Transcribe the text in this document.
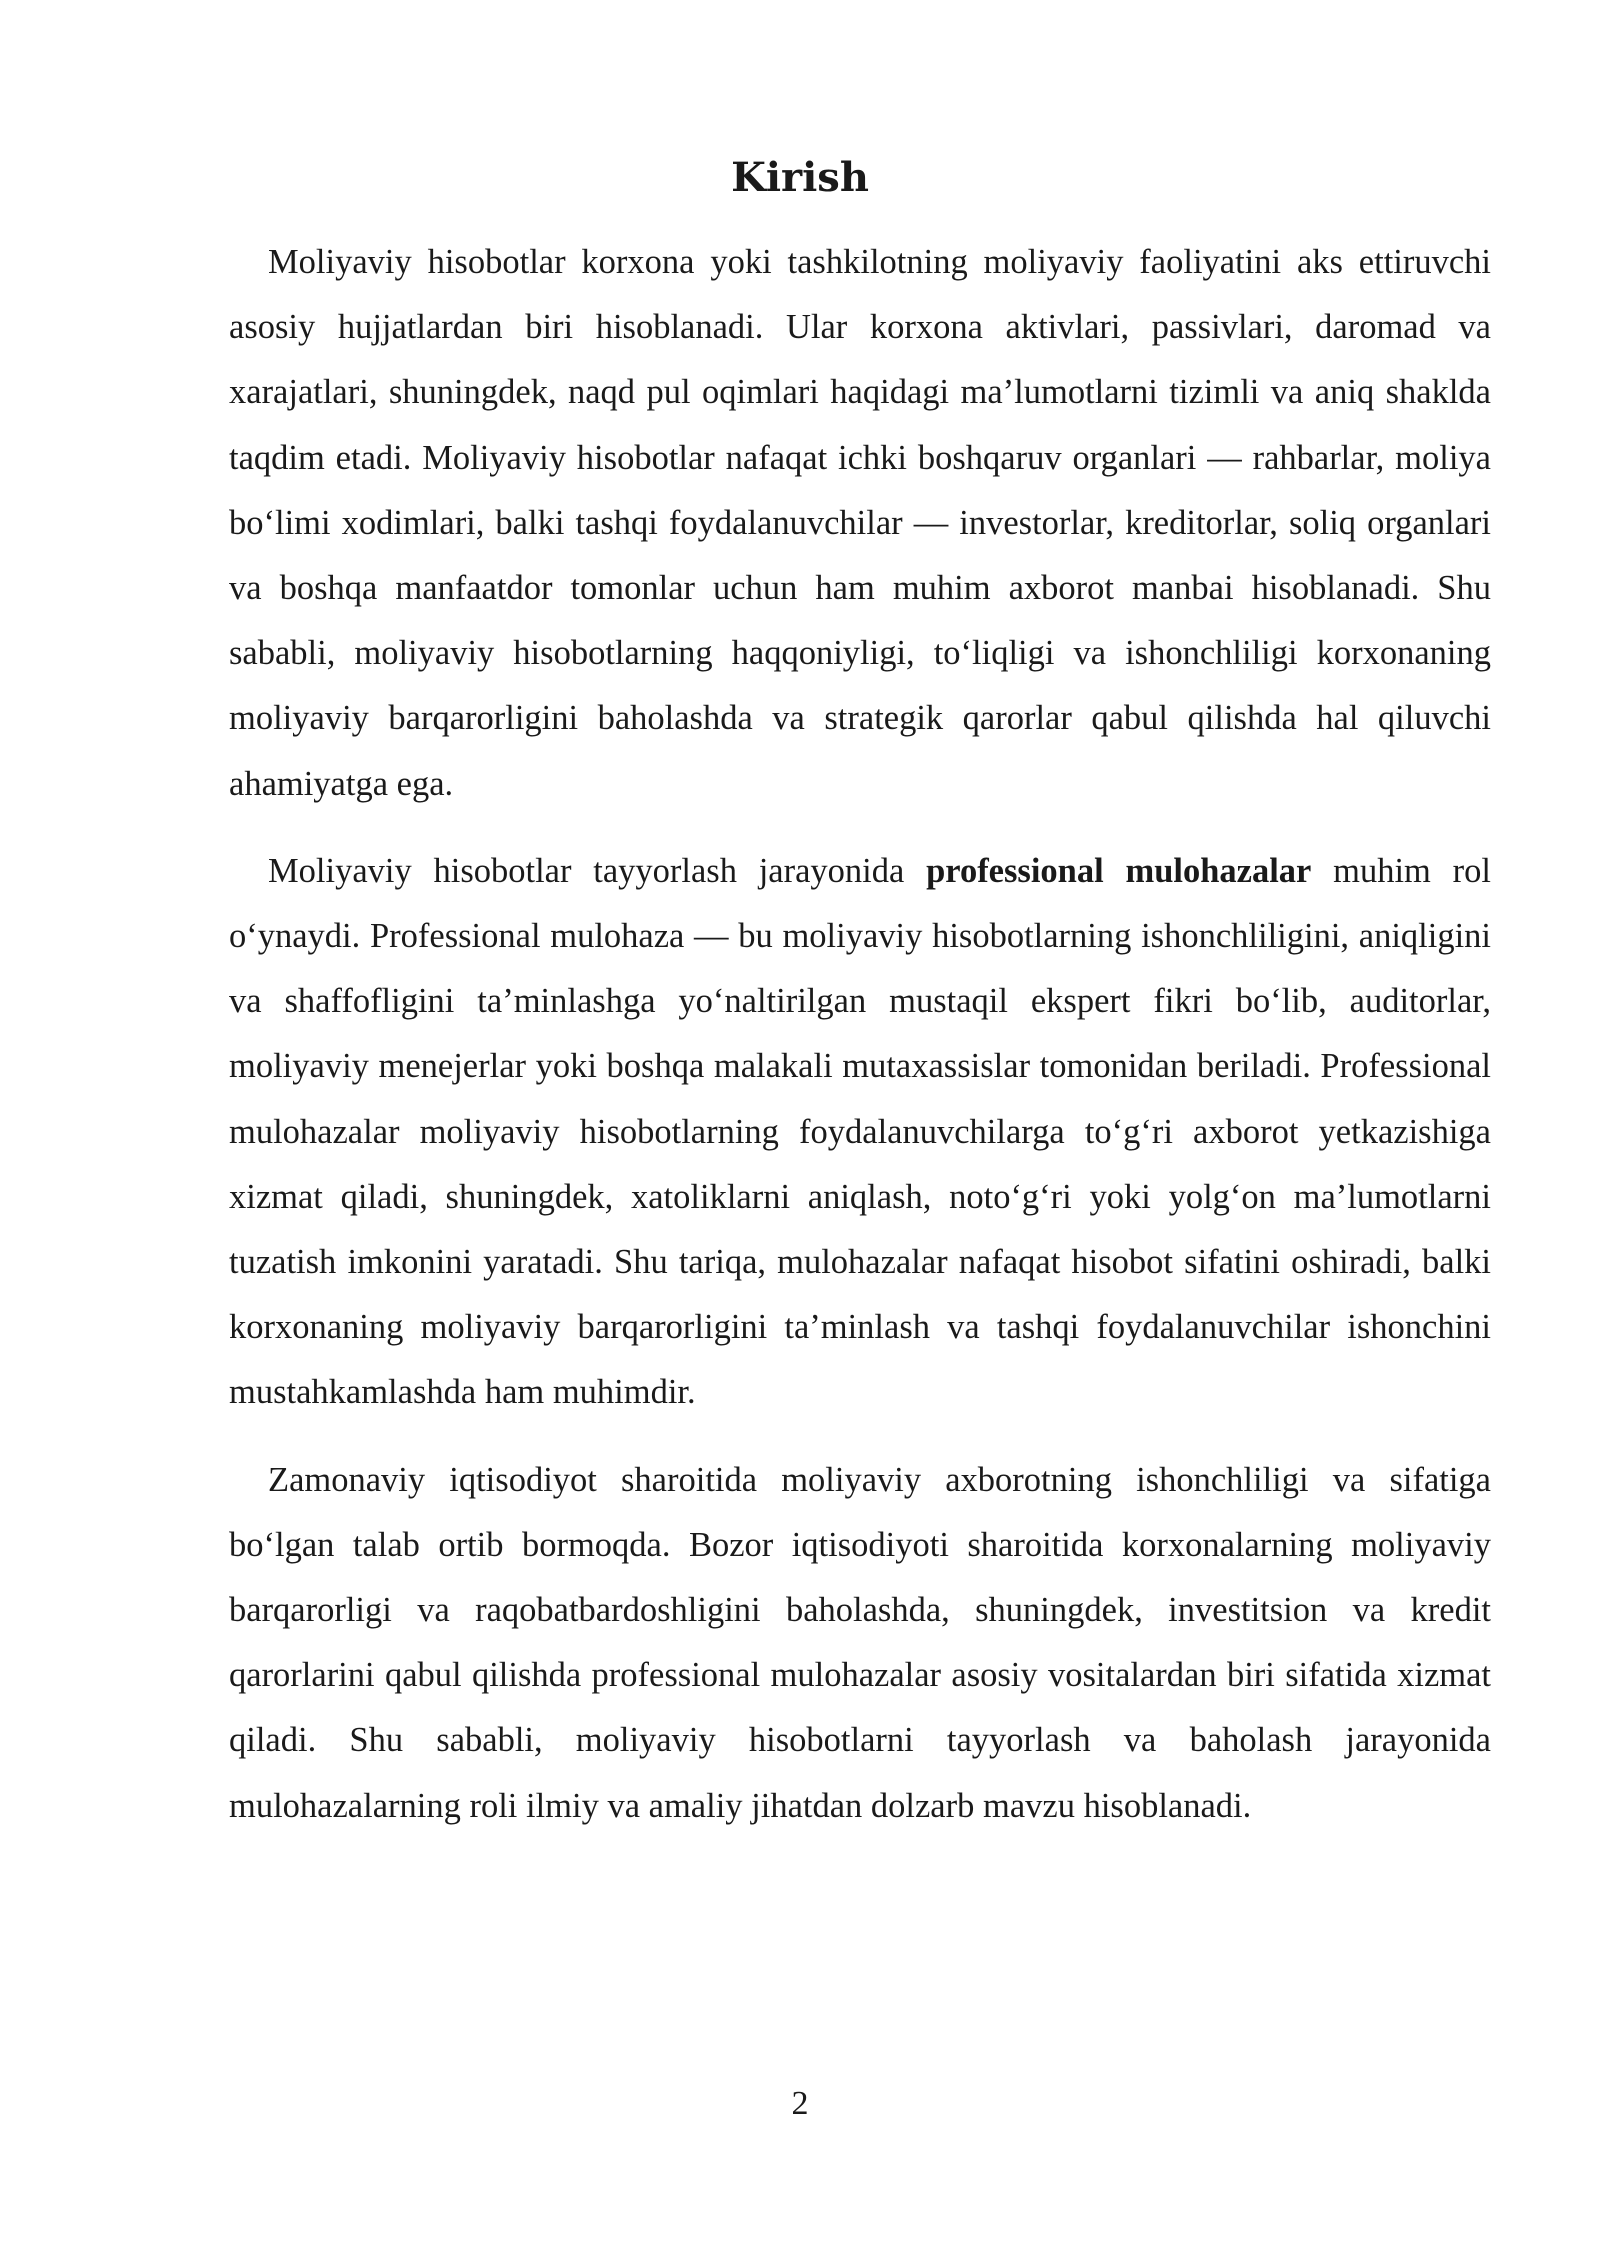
Kirish

Moliyaviy hisobotlar korxona yoki tashkilotning moliyaviy faoliyatini aks ettiruvchi asosiy hujjatlardan biri hisoblanadi. Ular korxona aktivlari, passivlari, daromad va xarajatlari, shuningdek, naqd pul oqimlari haqidagi ma’lumotlarni tizimli va aniq shaklda taqdim etadi. Moliyaviy hisobotlar nafaqat ichki boshqaruv organlari — rahbarlar, moliya bo‘limi xodimlari, balki tashqi foydalanuvchilar — investorlar, kreditorlar, soliq organlari va boshqa manfaatdor tomonlar uchun ham muhim axborot manbai hisoblanadi. Shu sababli, moliyaviy hisobotlarning haqqoniyligi, to‘liqligi va ishonchliligi korxonaning moliyaviy barqarorligini baholashda va strategik qarorlar qabul qilishda hal qiluvchi ahamiyatga ega.

Moliyaviy hisobotlar tayyorlash jarayonida professional mulohazalar muhim rol o‘ynaydi. Professional mulohaza — bu moliyaviy hisobotlarning ishonchliligini, aniqligini va shaffofligini ta’minlashga yo‘naltirilgan mustaqil ekspert fikri bo‘lib, auditorlar, moliyaviy menejerlar yoki boshqa malakali mutaxassislar tomonidan beriladi. Professional mulohazalar moliyaviy hisobotlarning foydalanuvchilarga to‘g‘ri axborot yetkazishiga xizmat qiladi, shuningdek, xatoliklarni aniqlash, noto‘g‘ri yoki yolg‘on ma’lumotlarni tuzatish imkonini yaratadi. Shu tariqa, mulohazalar nafaqat hisobot sifatini oshiradi, balki korxonaning moliyaviy barqarorligini ta’minlash va tashqi foydalanuvchilar ishonchini mustahkamlashda ham muhimdir.

Zamonaviy iqtisodiyot sharoitida moliyaviy axborotning ishonchliligi va sifatiga bo‘lgan talab ortib bormoqda. Bozor iqtisodiyoti sharoitida korxonalarning moliyaviy barqarorligi va raqobatbardoshligini baholashda, shuningdek, investitsion va kredit qarorlarini qabul qilishda professional mulohazalar asosiy vositalardan biri sifatida xizmat qiladi. Shu sababli, moliyaviy hisobotlarni tayyorlash va baholash jarayonida mulohazalarning roli ilmiy va amaliy jihatdan dolzarb mavzu hisoblanadi.

2
